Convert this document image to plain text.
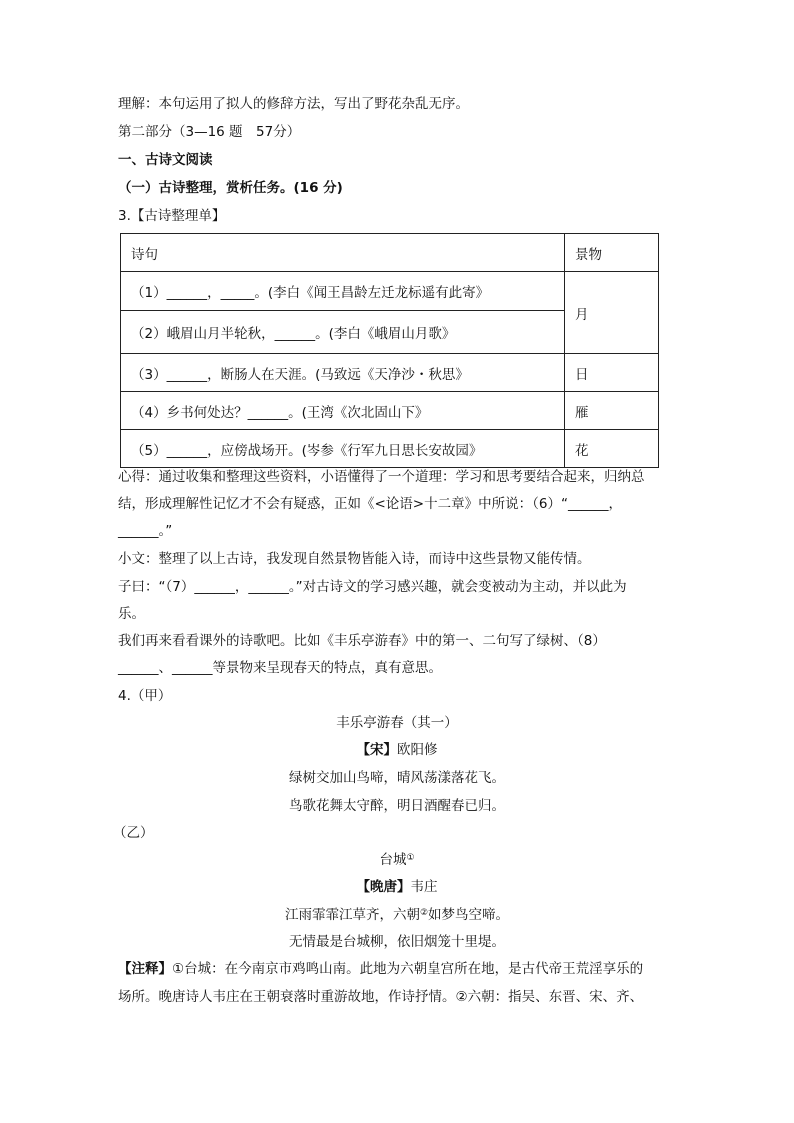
理解：本句运用了拟人的修辞方法，写出了野花杂乱无序。
第二部分（3—16 题　57分）
一、古诗文阅读
（一）古诗整理，赏析任务。(16 分)
3.【古诗整理单】
诗句	景物
（1）______，_____。(李白《闻王昌龄左迁龙标遥有此寄》	月
（2）峨眉山月半轮秋，______。(李白《峨眉山月歌》	
（3）______，断肠人在天涯。(马致远《天净沙・秋思》	日
（4）乡书何处达？______。(王湾《次北固山下》	雁
（5）______，应傍战场开。(岑参《行军九日思长安故园》	花
心得：通过收集和整理这些资料，小语懂得了一个道理：学习和思考要结合起来，归纳总
结，形成理解性记忆才不会有疑惑，正如《<论语>十二章》中所说：（6）“______，
______。”
小文：整理了以上古诗，我发现自然景物皆能入诗，而诗中这些景物又能传情。
子曰：“（7）______，______。”对古诗文的学习感兴趣，就会变被动为主动，并以此为
乐。
我们再来看看课外的诗歌吧。比如《丰乐亭游春》中的第一、二句写了绿树、（8）
______、______等景物来呈现春天的特点，真有意思。
4.（甲）
丰乐亭游春（其一）
【宋】欧阳修
绿树交加山鸟啼，晴风荡漾落花飞。
鸟歌花舞太守醉，明日酒醒春已归。
（乙）
台城①
【晚唐】韦庄
江雨霏霏江草齐，六朝②如梦鸟空啼。
无情最是台城柳，依旧烟笼十里堤。
【注释】①台城：在今南京市鸡鸣山南。此地为六朝皇宫所在地，是古代帝王荒淫享乐的
场所。晚唐诗人韦庄在王朝衰落时重游故地，作诗抒情。②六朝：指吴、东晋、宋、齐、
